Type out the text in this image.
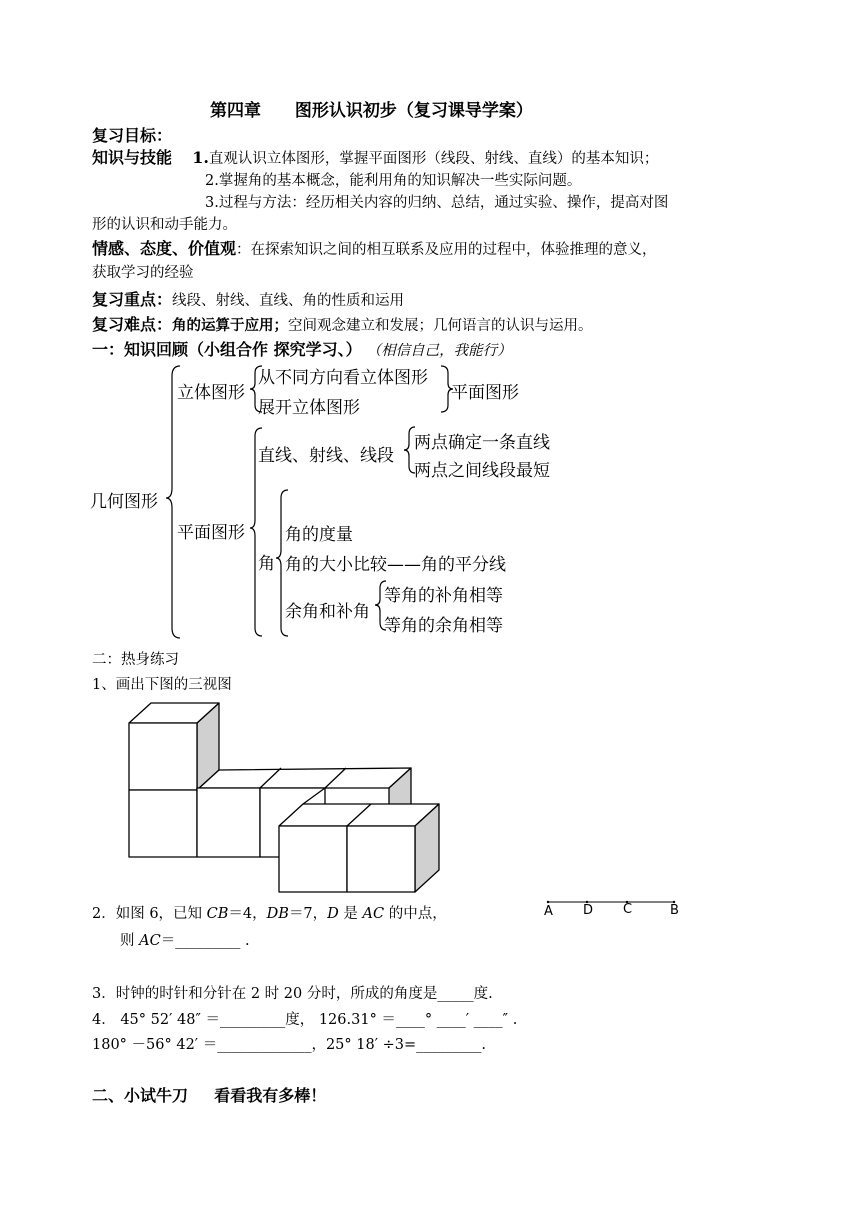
第四章 图形认识初步（复习课导学案）
复习目标：
知识与技能 1.直观认识立体图形，掌握平面图形（线段、射线、直线）的基本知识；
2.掌握角的基本概念，能利用角的知识解决一些实际问题。
3.过程与方法：经历相关内容的归纳、总结，通过实验、操作，提高对图
形的认识和动手能力。
情感、态度、价值观：在探索知识之间的相互联系及应用的过程中，体验推理的意义，
获取学习的经验
复习重点：线段、射线、直线、角的性质和运用
复习难点：角的运算于应用；空间观念建立和发展；几何语言的认识与运用。
一：知识回顾（小组合作 探究学习、） （相信自己，我能行）
几何图形
立体图形
从不同方向看立体图形
展开立体图形
平面图形
平面图形
直线、射线、线段
两点确定一条直线
两点之间线段最短
角
角的度量
角的大小比较——角的平分线
余角和补角
等角的补角相等
等角的余角相等
二：热身练习
1、画出下图的三视图
2．如图 6，已知 CB＝4，DB＝7，D 是 AC 的中点，
则 AC＝_________ .
A D C	B
3．时钟的时针和分针在 2 时 20 分时，所成的角度是_____度.
4． 45° 52′ 48″ ＝_________度， 126.31° ＝____° ____′ ____″ .
180° －56° 42′ ＝_____________，25° 18′ ÷3=_________.
二、小试牛刀 看看我有多棒！
